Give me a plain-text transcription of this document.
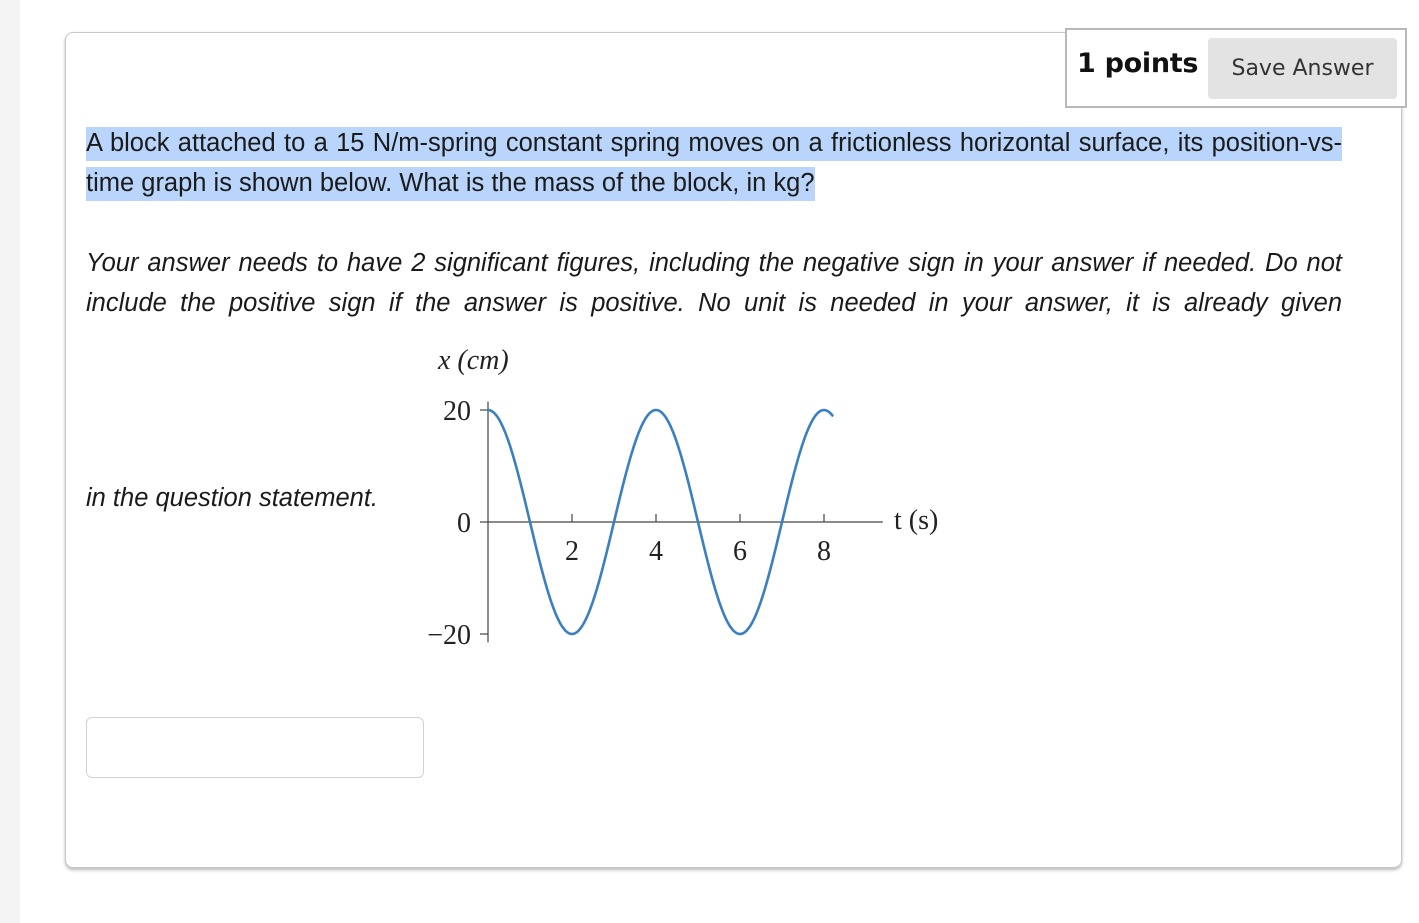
1 points	Save Answer
A block attached to a 15 N/m-spring constant spring moves on a frictionless horizontal surface, its position-vs-time graph is shown below. What is the mass of the block, in kg?
Your answer needs to have 2 significant figures, including the negative sign in your answer if needed. Do not include the positive sign if the answer is positive. No unit is needed in your answer, it is already given
in the question statement.
x (cm)
20
0
−20
2	4	6	8
t (s)
